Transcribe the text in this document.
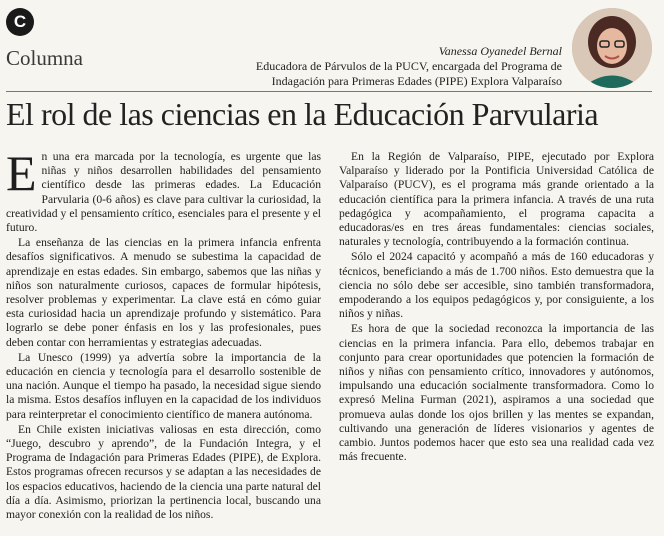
C
Columna	Vanessa Oyanedel Bernal
Educadora de Párvulos de la PUCV, encargada del Programa de
Indagación para Primeras Edades (PIPE) Explora Valparaíso
El rol de las ciencias en la Educación Parvularia

En una era marcada por la tecnología, es urgente que las niñas y niños desarrollen habilidades del pensamiento científico desde las primeras edades. La Educación Parvularia (0-6 años) es clave para cultivar la curiosidad, la creatividad y el pensamiento crítico, esenciales para el presente y el futuro.

La enseñanza de las ciencias en la primera infancia enfrenta desafíos significativos. A menudo se subestima la capacidad de aprendizaje en estas edades. Sin embargo, sabemos que las niñas y niños son naturalmente curiosos, capaces de formular hipótesis, resolver problemas y experimentar. La clave está en cómo guiar esta curiosidad hacia un aprendizaje profundo y sistemático. Para lograrlo se debe poner énfasis en los y las profesionales, pues deben contar con herramientas y estrategias adecuadas.

La Unesco (1999) ya advertía sobre la importancia de la educación en ciencia y tecnología para el desarrollo sostenible de una nación. Aunque el tiempo ha pasado, la necesidad sigue siendo la misma. Estos desafíos influyen en la capacidad de los individuos para reinterpretar el conocimiento científico de manera autónoma.

En Chile existen iniciativas valiosas en esta dirección, como “Juego, descubro y aprendo”, de la Fundación Integra, y el Programa de Indagación para Primeras Edades (PIPE), de Explora. Estos programas ofrecen recursos y se adaptan a las necesidades de los espacios educativos, haciendo de la ciencia una parte natural del día a día. Asimismo, priorizan la pertinencia local, buscando una mayor conexión con la realidad de los niños.

En la Región de Valparaíso, PIPE, ejecutado por Explora Valparaíso y liderado por la Pontificia Universidad Católica de Valparaíso (PUCV), es el programa más grande orientado a la educación científica para la primera infancia. A través de una ruta pedagógica y acompañamiento, el programa capacita a educadoras/es en tres áreas fundamentales: ciencias sociales, naturales y tecnología, contribuyendo a la formación continua.

Sólo el 2024 capacitó y acompañó a más de 160 educadoras y técnicos, beneficiando a más de 1.700 niños. Esto demuestra que la ciencia no sólo debe ser accesible, sino también transformadora, empoderando a los equipos pedagógicos y, por consiguiente, a los niños y niñas.

Es hora de que la sociedad reconozca la importancia de las ciencias en la primera infancia. Para ello, debemos trabajar en conjunto para crear oportunidades que potencien la formación de niños y niñas con pensamiento crítico, innovadores y autónomos, impulsando una educación socialmente transformadora. Como lo expresó Melina Furman (2021), aspiramos a una sociedad que promueva aulas donde los ojos brillen y las mentes se expandan, cultivando una generación de líderes visionarios y agentes de cambio. Juntos podemos hacer que esto sea una realidad cada vez más frecuente.
